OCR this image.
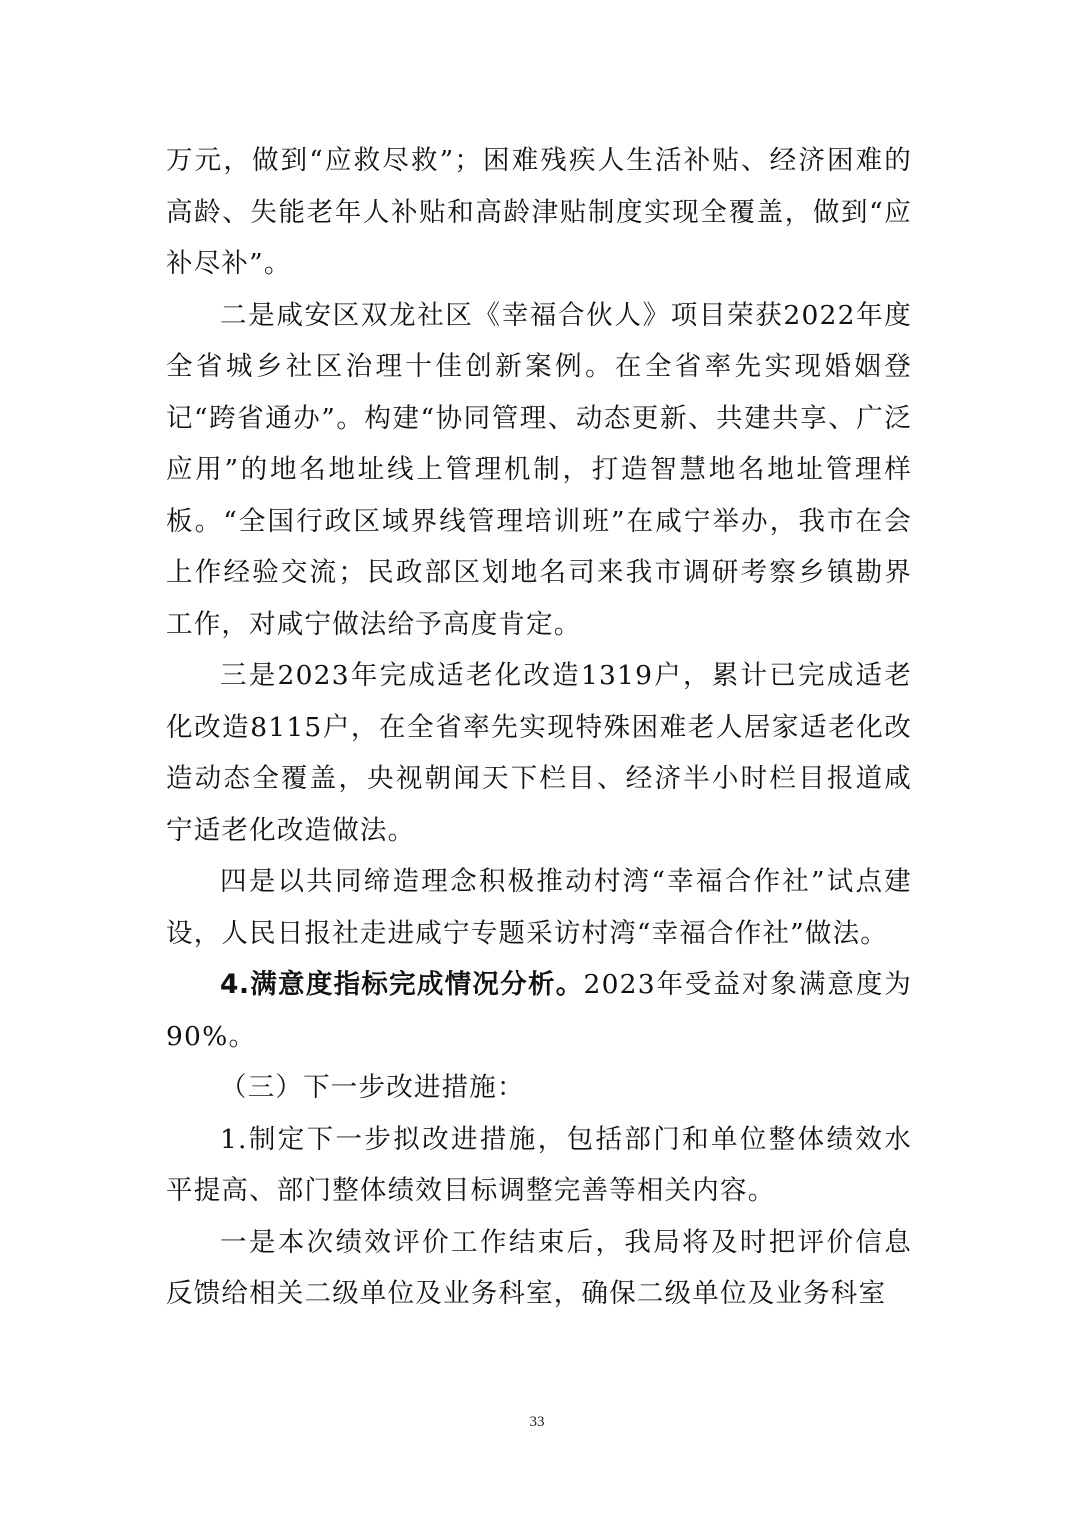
万元，做到“应救尽救”；困难残疾人生活补贴、经济困难的高龄、失能老年人补贴和高龄津贴制度实现全覆盖，做到“应补尽补”。

二是咸安区双龙社区《幸福合伙人》项目荣获2022年度全省城乡社区治理十佳创新案例。在全省率先实现婚姻登记“跨省通办”。构建“协同管理、动态更新、共建共享、广泛应用”的地名地址线上管理机制，打造智慧地名地址管理样板。“全国行政区域界线管理培训班”在咸宁举办，我市在会上作经验交流；民政部区划地名司来我市调研考察乡镇勘界工作，对咸宁做法给予高度肯定。

三是2023年完成适老化改造1319户，累计已完成适老化改造8115户，在全省率先实现特殊困难老人居家适老化改造动态全覆盖，央视朝闻天下栏目、经济半小时栏目报道咸宁适老化改造做法。

四是以共同缔造理念积极推动村湾“幸福合作社”试点建设，人民日报社走进咸宁专题采访村湾“幸福合作社”做法。

4.满意度指标完成情况分析。2023年受益对象满意度为90%。

（三）下一步改进措施：

1.制定下一步拟改进措施，包括部门和单位整体绩效水平提高、部门整体绩效目标调整完善等相关内容。

一是本次绩效评价工作结束后，我局将及时把评价信息反馈给相关二级单位及业务科室，确保二级单位及业务科室

33
